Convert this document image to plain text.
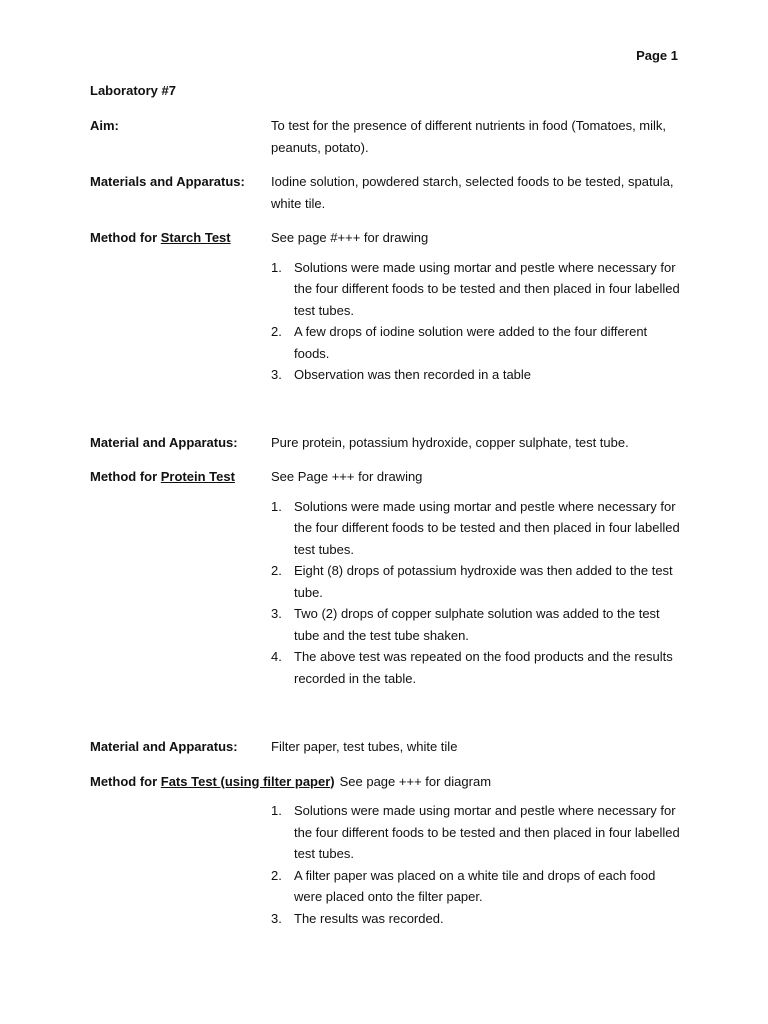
Page 1
Laboratory #7
Aim:	To test for the presence of different nutrients in food (Tomatoes, milk, peanuts, potato).
Materials and Apparatus:	Iodine solution, powdered starch, selected foods to be tested, spatula, white tile.
Method for Starch Test	See page #+++ for drawing
1. Solutions were made using mortar and pestle where necessary for the four different foods to be tested and then placed in four labelled test tubes.
2. A few drops of iodine solution were added to the four different foods.
3. Observation was then recorded in a table
Material and Apparatus:	Pure protein, potassium hydroxide, copper sulphate, test tube.
Method for Protein Test	See Page +++ for drawing
1. Solutions were made using mortar and pestle where necessary for the four different foods to be tested and then placed in four labelled test tubes.
2. Eight (8) drops of potassium hydroxide was then added to the test tube.
3. Two (2) drops of copper sulphate solution was added to the test tube and the test tube shaken.
4. The above test was repeated on the food products and the results recorded in the table.
Material and Apparatus:	Filter paper, test tubes, white tile
Method for Fats Test (using filter paper) See page +++ for diagram
1. Solutions were made using mortar and pestle where necessary for the four different foods to be tested and then placed in four labelled test tubes.
2. A filter paper was placed on a white tile and drops of each food were placed onto the filter paper.
3. The results was recorded.
